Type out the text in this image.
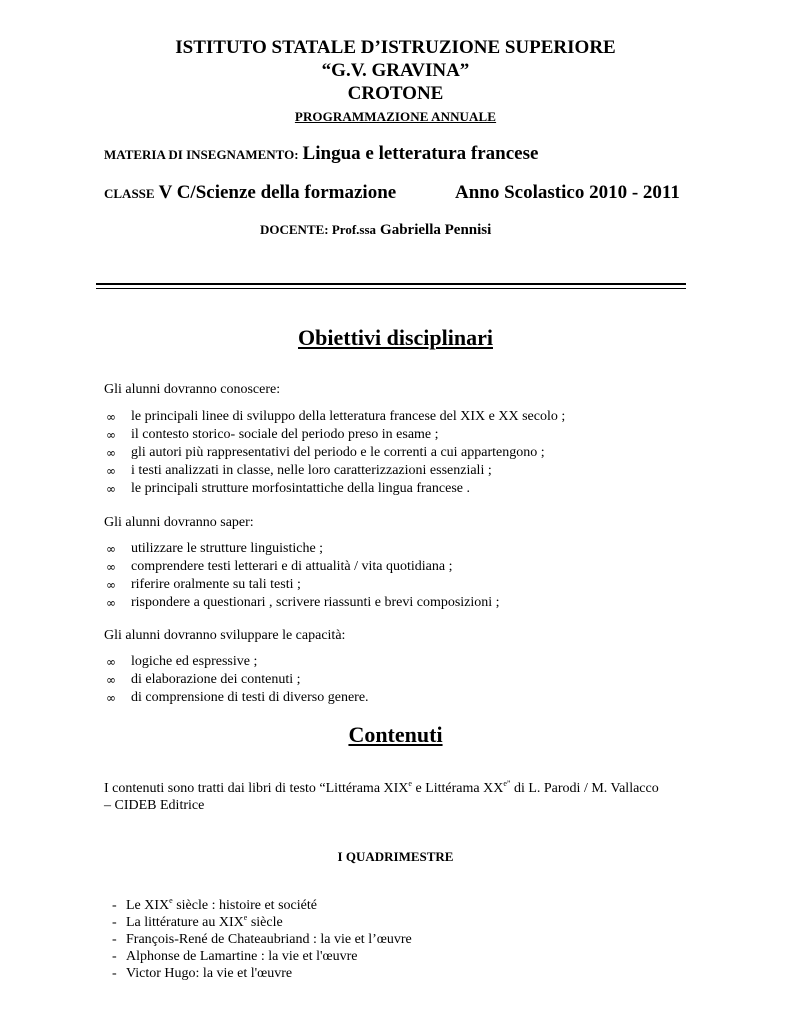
ISTITUTO STATALE D’ISTRUZIONE SUPERIORE
“G.V. GRAVINA”
CROTONE
PROGRAMMAZIONE ANNUALE
MATERIA DI INSEGNAMENTO: Lingua e letteratura francese
CLASSE V C/Scienze della formazione	Anno Scolastico 2010 - 2011
DOCENTE: Prof.ssa Gabriella Pennisi
Obiettivi disciplinari
Gli alunni dovranno conoscere:
∞ le principali linee di sviluppo della letteratura francese del XIX e XX secolo ;
∞ il contesto storico- sociale del periodo preso in esame ;
∞ gli autori più rappresentativi del periodo e le correnti a cui appartengono ;
∞ i testi analizzati in classe, nelle loro caratterizzazioni essenziali ;
∞ le principali strutture morfosintattiche della lingua francese .
Gli alunni dovranno saper:
∞ utilizzare le strutture linguistiche ;
∞ comprendere testi letterari e di attualità / vita quotidiana ;
∞ riferire oralmente su tali testi ;
∞ rispondere a questionari , scrivere riassunti e brevi composizioni ;
Gli alunni dovranno sviluppare le capacità:
∞ logiche ed espressive ;
∞ di elaborazione dei contenuti ;
∞ di comprensione di testi di diverso genere.
Contenuti
I contenuti sono tratti dai libri di testo “Littérama XIXe e Littérama $XX^{e”}$ di L. Parodi / M. Vallacco
– CIDEB Editrice
I QUADRIMESTRE
- Le XIXe siècle : histoire et société
- La littérature au XIXe siècle
- François-René de Chateaubriand : la vie et l’œuvre
- Alphonse de Lamartine : la vie et l'œuvre
- Victor Hugo: la vie et l'œuvre
